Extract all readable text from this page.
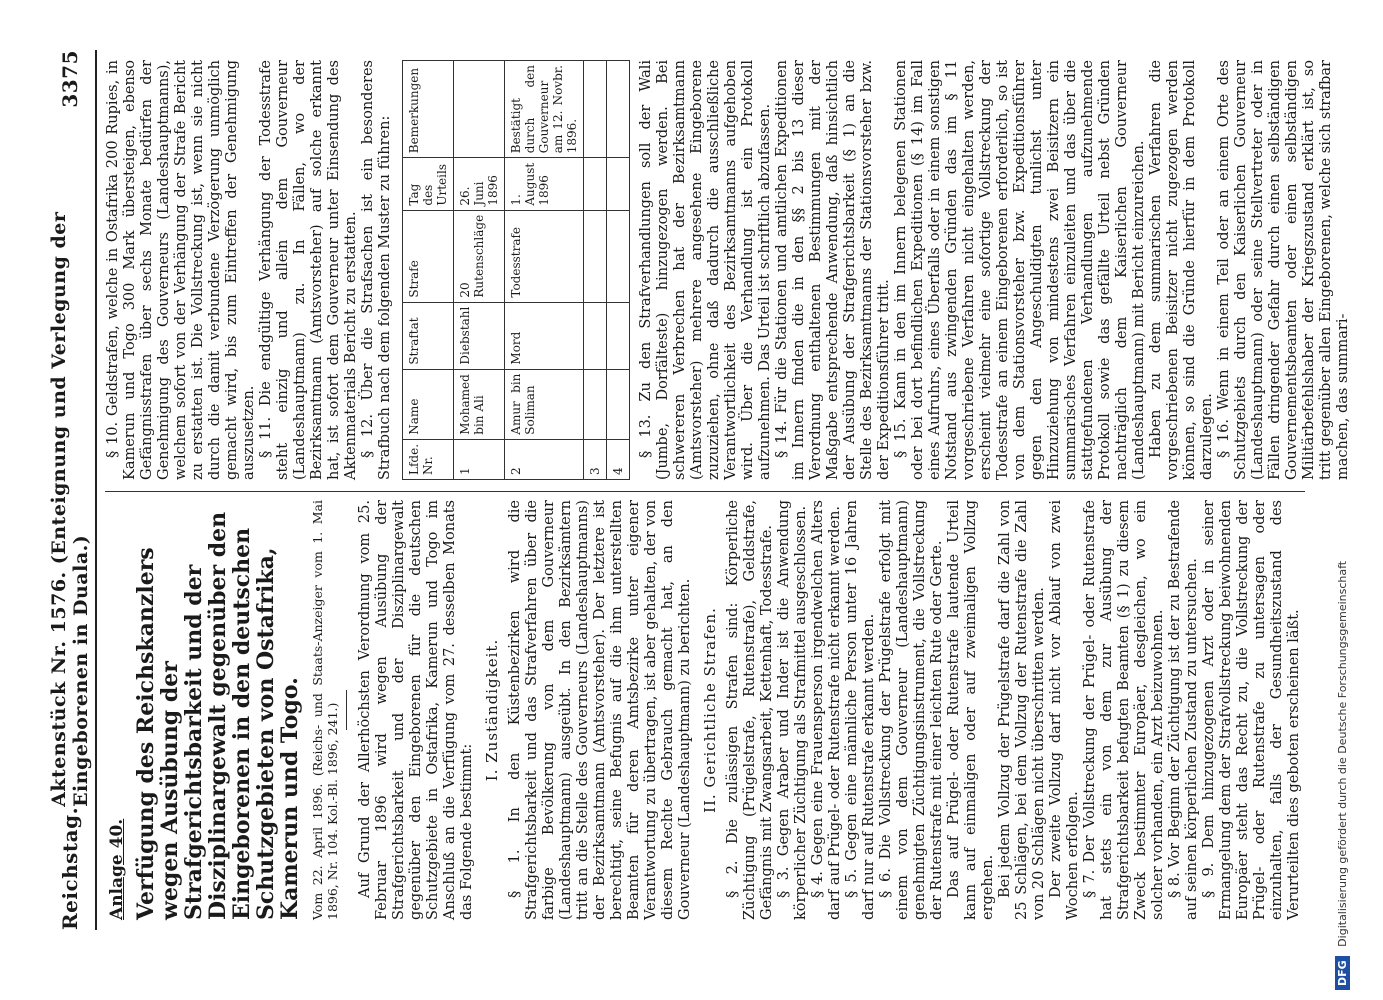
Reichstag.
Aktenstück Nr. 1576. (Enteignung und Verlegung der Eingeborenen in Duala.)
3375
Anlage 40. Verfügung des Reichskanzlers wegen Ausübung der Strafgerichtsbarkeit und der Disziplinargewalt gegenüber den Eingeborenen in den deutschen Schutzgebieten von Ostafrika, Kamerun und Togo. Vom 22. April 1896. (Reichs- und Staats-Anzeiger vom 1. Mai 1896, Nr. 104. Kol.-Bl. 1896, 241.) Auf Grund der Allerhöchsten Verordnung vom 25. Februar 1896 wird wegen Ausübung der Strafgerichtsbarkeit und der Disziplinargewalt gegenüber den Eingeborenen für die deutschen Schutzgebiete in Ostafrika, Kamerun und Togo im Anschluß an die Verfügung vom 27. desselben Monats das Folgende bestimmt:

I. Zuständigkeit. § 1. In den Küstenbezirken wird die Strafgerichtsbarkeit und das Strafverfahren über die farbige Bevölkerung von dem Gouverneur (Landeshauptmann) ausgeübt. In den Bezirksämtern tritt an die Stelle des Gouverneurs (Landeshauptmanns) der Bezirksamtmann (Amtsvorsteher). Der letztere ist berechtigt, seine Befugnis auf die ihm unterstellten Beamten für deren Amtsbezirke unter eigener Verantwortung zu übertragen, ist aber gehalten, der von diesem Rechte Gebrauch gemacht hat, an den Gouverneur (Landeshauptmann) zu berichten. II. Gerichtliche Strafen. § 2. Die zulässigen Strafen sind: Körperliche Züchtigung (Prügelstrafe, Rutenstrafe), Geldstrafe, Gefängnis mit Zwangsarbeit, Kettenhaft, Todesstrafe. § 3. Gegen Araber und Inder ist die Anwendung körperlicher Züchtigung als Strafmittel ausgeschlossen. § 4. Gegen eine Frauensperson irgendwelchen Alters darf auf Prügel- oder Rutenstrafe nicht erkannt werden. § 5. Gegen eine männliche Person unter 16 Jahren darf nur auf Rutenstrafe erkannt werden. § 6. Die Vollstreckung der Prügelstrafe erfolgt mit einem von dem Gouverneur (Landeshauptmann) genehmigten Züchtigungsinstrument, die Vollstreckung der Rutenstrafe mit einer leichten Rute oder Gerte. Das auf Prügel- oder Rutenstrafe lautende Urteil kann auf einmaligen oder auf zweimaligen Vollzug ergehen. Bei jedem Vollzug der Prügelstrafe darf die Zahl von 25 Schlägen, bei dem Vollzug der Rutenstrafe die Zahl von 20 Schlägen nicht überschritten werden. Der zweite Vollzug darf nicht vor Ablauf von zwei Wochen erfolgen. § 7. Der Vollstreckung der Prügel- oder Rutenstrafe hat stets ein von dem zur Ausübung der Strafgerichtsbarkeit befugten Beamten (§ 1) zu diesem Zweck bestimmter Europäer, desgleichen, wo ein solcher vorhanden, ein Arzt beizuwohnen. § 8. Vor Beginn der Züchtigung ist der zu Bestrafende auf seinen körperlichen Zustand zu untersuchen. § 9. Dem hinzugezogenen Arzt oder in seiner Ermangelung dem der Strafvollstreckung beiwohnenden Europäer steht das Recht zu, die Vollstreckung der Prügel- oder Rutenstrafe zu untersagen oder einzuhalten, falls der Gesundheitszustand des Verurteilten dies geboten erscheinen läßt.

§ 10. Geldstrafen, welche in Ostafrika 200 Rupies, in Kamerun und Togo 300 Mark übersteigen, ebenso Gefängnisstrafen über sechs Monate bedürfen der Genehmigung des Gouverneurs (Landeshauptmanns), welchem sofort von der Verhängung der Strafe Bericht zu erstatten ist. Die Vollstreckung ist, wenn sie nicht durch die damit verbundene Verzögerung unmöglich gemacht wird, bis zum Eintreffen der Genehmigung auszusetzen. § 11. Die endgültige Verhängung der Todesstrafe steht einzig und allein dem Gouverneur (Landeshauptmann) zu. In Fällen, wo der Bezirksamtmann (Amtsvorsteher) auf solche erkannt hat, ist sofort dem Gouverneur unter Einsendung des Aktenmaterials Bericht zu erstatten. § 12. Über die Strafsachen ist ein besonderes Strafbuch nach dem folgenden Muster zu führen: Lfde. Nr.	Name	Straftat	Strafe	Tag des Urteils	Bemerkungen
1	Mohamed bin Ali	Diebstahl	20 Rutenschläge	26. Juni 1896	
2	Amur bin Soliman	Mord	Todesstrafe	1. August 1896	Bestätigt durch den Gouverneur am 12. Novbr. 1896.
3					
4					

§ 13. Zu den Strafverhandlungen soll der Wali (Jumbe, Dorfälteste) hinzugezogen werden. Bei schwereren Verbrechen hat der Bezirksamtmann (Amtsvorsteher) mehrere angesehene Eingeborene zuzuziehen, ohne daß dadurch die ausschließliche Verantwortlichkeit des Bezirksamtmanns aufgehoben wird. Über die Verhandlung ist ein Protokoll aufzunehmen. Das Urteil ist schriftlich abzufassen. § 14. Für die Stationen und amtlichen Expeditionen im Innern finden die in den §§ 2 bis 13 dieser Verordnung enthaltenen Bestimmungen mit der Maßgabe entsprechende Anwendung, daß hinsichtlich der Ausübung der Strafgerichtsbarkeit (§ 1) an die Stelle des Bezirksamtmanns der Stationsvorsteher bzw. der Expeditionsführer tritt. § 15. Kann in den im Innern belegenen Stationen oder bei dort befindlichen Expeditionen (§ 14) im Fall eines Aufruhrs, eines Überfalls oder in einem sonstigen Notstand aus zwingenden Gründen das im § 11 vorgeschriebene Verfahren nicht eingehalten werden, erscheint vielmehr eine sofortige Vollstreckung der Todesstrafe an einem Eingeborenen erforderlich, so ist von dem Stationsvorsteher bzw. Expeditionsführer gegen den Angeschuldigten tunlichst unter Hinzuziehung von mindestens zwei Beisitzern ein summarisches Verfahren einzuleiten und das über die stattgefundenen Verhandlungen aufzunehmende Protokoll sowie das gefällte Urteil nebst Gründen nachträglich dem Kaiserlichen Gouverneur (Landeshauptmann) mit Bericht einzureichen. Haben zu dem summarischen Verfahren die vorgeschriebenen Beisitzer nicht zugezogen werden können, so sind die Gründe hierfür in dem Protokoll darzulegen. § 16. Wenn in einem Teil oder an einem Orte des Schutzgebiets durch den Kaiserlichen Gouverneur (Landeshauptmann) oder seine Stellvertreter oder in Fällen dringender Gefahr durch einen selbständigen Gouvernementsbeamten oder einen selbständigen Militärbefehlshaber der Kriegszustand erklärt ist, so tritt gegenüber allen Eingeborenen, welche sich strafbar machen, das summari-

DFG Digitalisierung gefördert durch die Deutsche Forschungsgemeinschaft
